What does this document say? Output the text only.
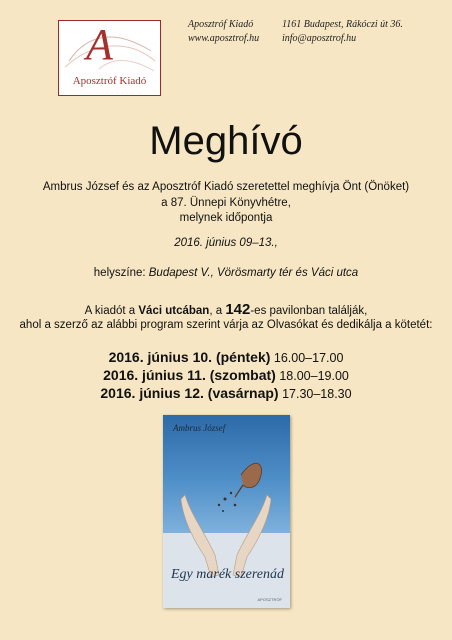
A
Aposztróf Kiadó
Aposztróf Kiadó
www.aposztrof.hu
1161 Budapest, Rákóczi út 36.
info@aposztrof.hu
Meghívó
Ambrus József és az Aposztróf Kiadó szeretettel meghívja Önt (Önöket)
a 87. Ünnepi Könyvhétre,
melynek időpontja
2016. június 09–13.,
helyszíne: Budapest V., Vörösmarty tér és Váci utca
A kiadót a Váci utcában, a 142-es pavilonban találják,
ahol a szerző az alábbi program szerint várja az Olvasókat és dedikálja a kötetét:
2016. június 10. (péntek) 16.00–17.00
2016. június 11. (szombat) 18.00–19.00
2016. június 12. (vasárnap) 17.30–18.30
Ambrus József
Egy marék szerenád
APOSZTRÓF
